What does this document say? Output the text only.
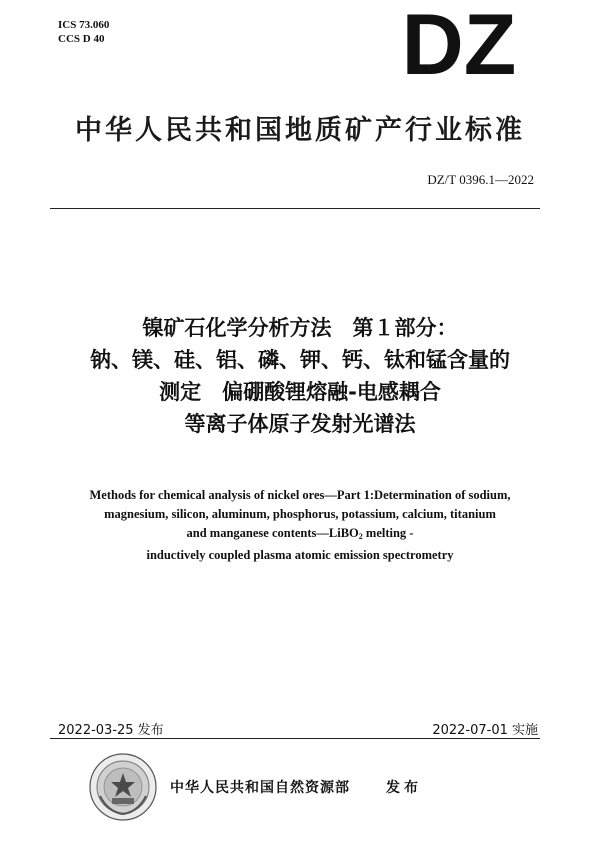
ICS 73.060
CCS D 40	DZ
中华人民共和国地质矿产行业标准
DZ/T 0396.1—2022
镍矿石化学分析方法　第１部分：
钠、镁、硅、铝、磷、钾、钙、钛和锰含量的
测定　偏硼酸锂熔融-电感耦合
等离子体原子发射光谱法
Methods for chemical analysis of nickel ores—Part 1:Determination of sodium,
magnesium, silicon, aluminum, phosphorus, potassium, calcium, titanium
and manganese contents—LiBO$_2$ melting -
inductively coupled plasma atomic emission spectrometry
2022-03-25 发布	2022-07-01 实施
中华人民共和国自然资源部	发布
